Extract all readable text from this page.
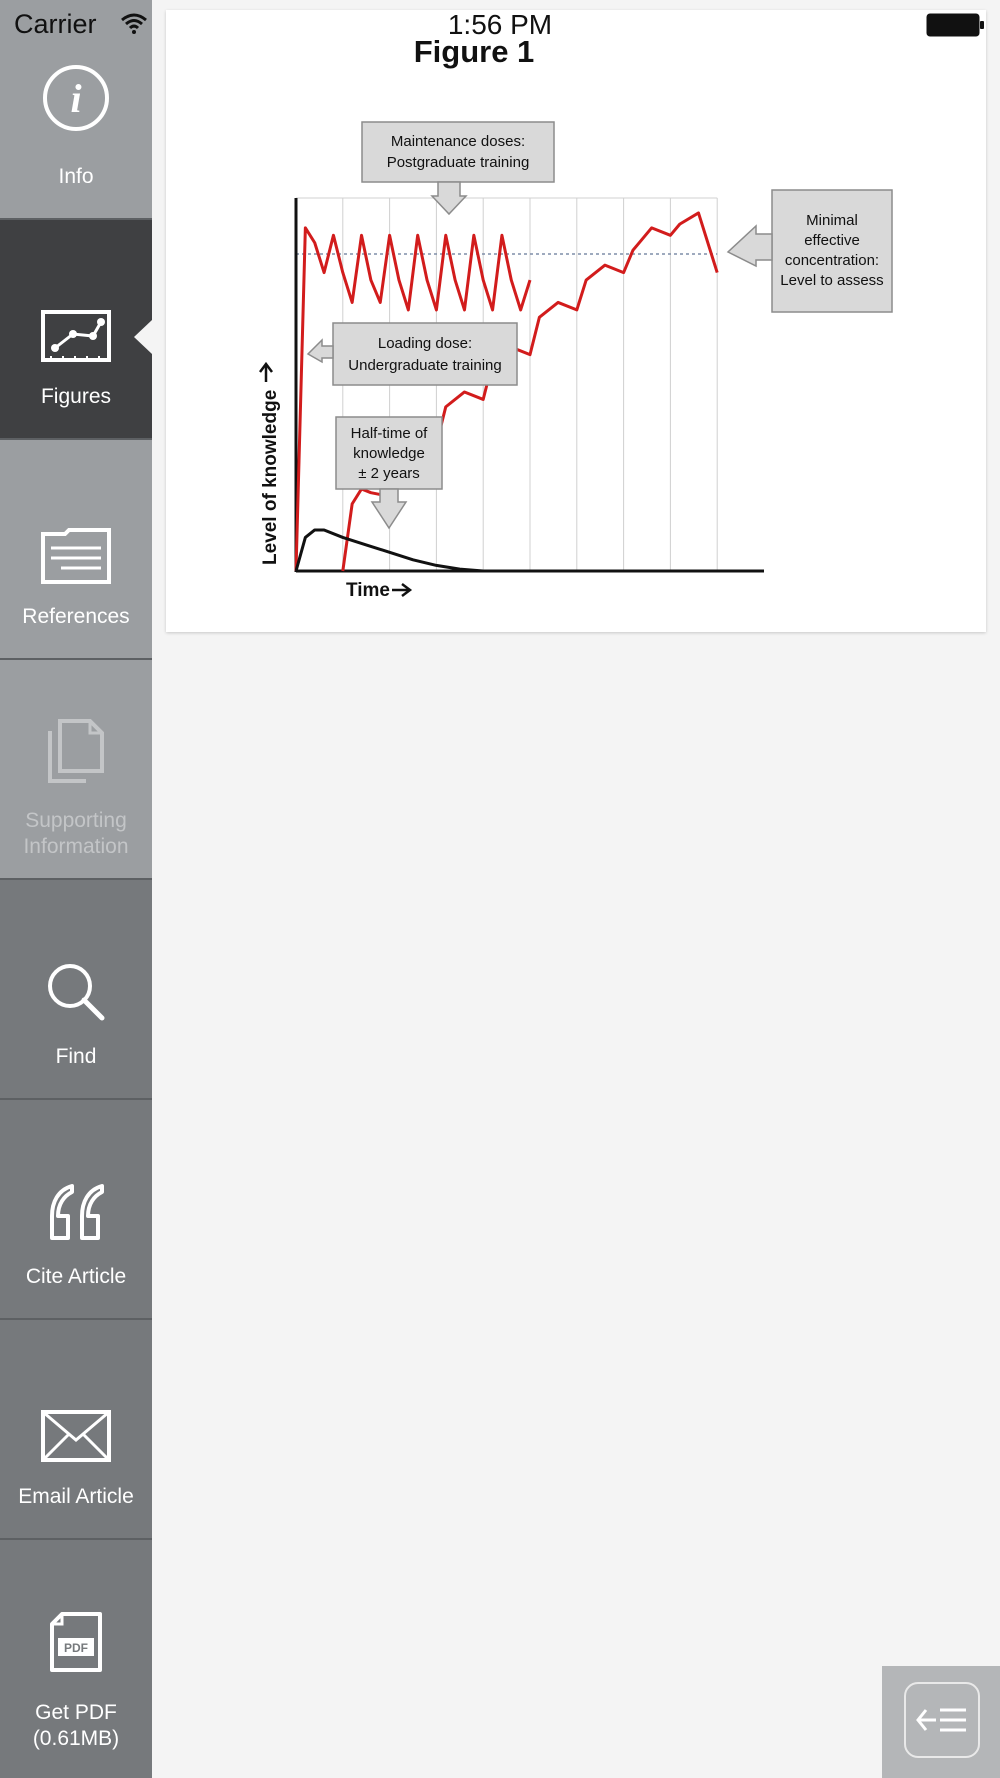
i
Info
Figures
References
Supporting
Information
Find
Cite Article
Email Article
PDF
Get PDF
(0.61MB)
Figure 1
Level of knowledge
Time
Maintenance doses:
Postgraduate training
Minimal
effective
concentration:
Level to assess
Loading dose:
Undergraduate training
Half-time of
knowledge
± 2 years
Carrier	1:56 PM
